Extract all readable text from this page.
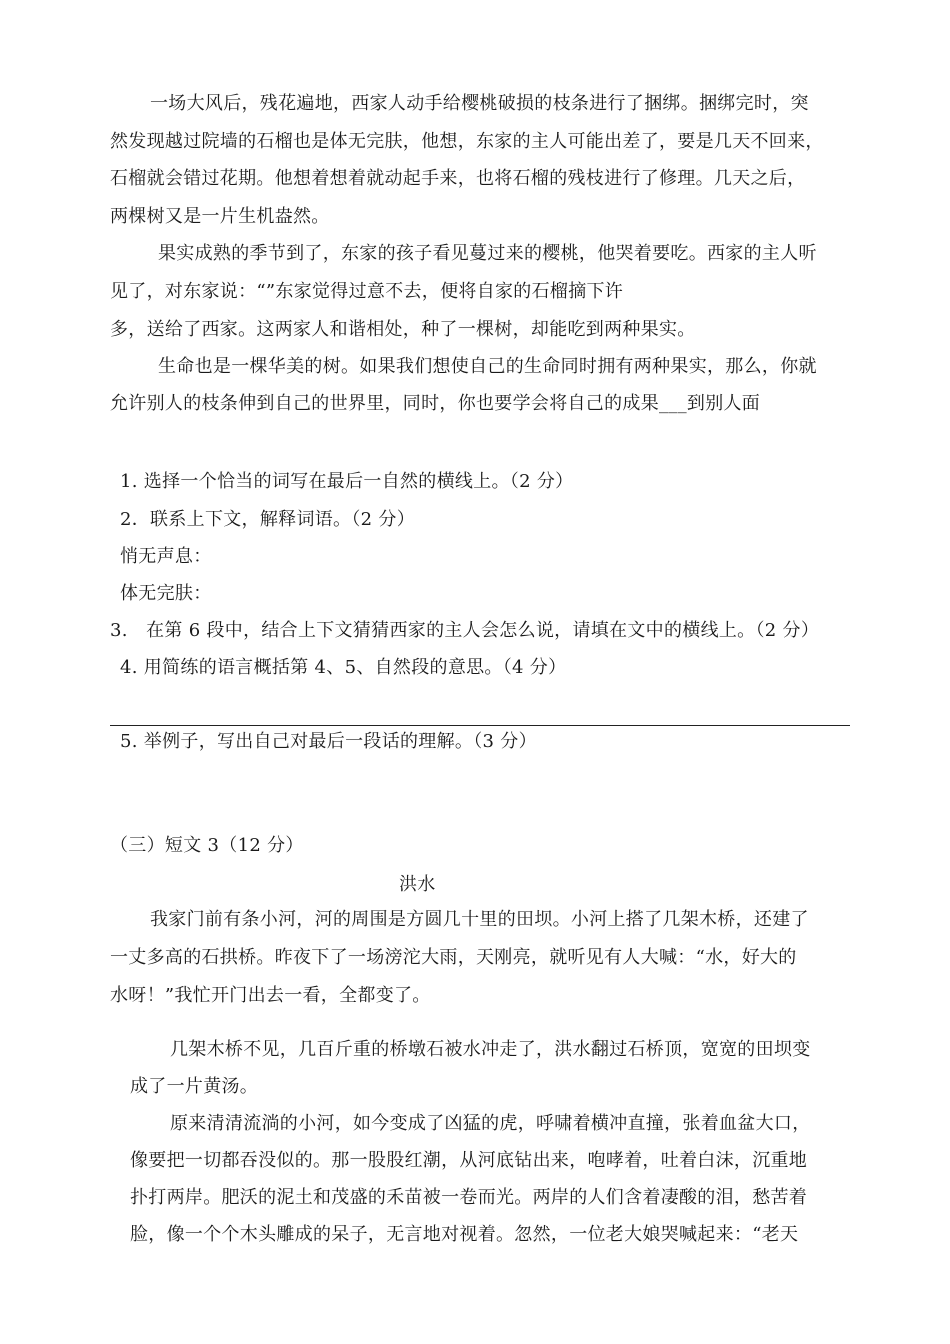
一场大风后，残花遍地，西家人动手给樱桃破损的枝条进行了捆绑。捆绑完时，突
然发现越过院墙的石榴也是体无完肤，他想，东家的主人可能出差了，要是几天不回来，
石榴就会错过花期。他想着想着就动起手来，也将石榴的残枝进行了修理。几天之后，
两棵树又是一片生机盎然。
果实成熟的季节到了，东家的孩子看见蔓过来的樱桃，他哭着要吃。西家的主人听
见了，对东家说：“”东家觉得过意不去，便将自家的石榴摘下许
多，送给了西家。这两家人和谐相处，种了一棵树，却能吃到两种果实。
生命也是一棵华美的树。如果我们想使自己的生命同时拥有两种果实，那么，你就
允许别人的枝条伸到自己的世界里，同时，你也要学会将自己的成果___到别人面
1. 选择一个恰当的词写在最后一自然的横线上。（2 分）
2．联系上下文，解释词语。（2 分）
悄无声息：
体无完肤：
3.　在第 6 段中，结合上下文猜猜西家的主人会怎么说，请填在文中的横线上。（2 分）
4. 用简练的语言概括第 4、5、自然段的意思。（4 分）
5. 举例子，写出自己对最后一段话的理解。（3 分）
（三）短文 3（12 分）
洪水
我家门前有条小河，河的周围是方圆几十里的田坝。小河上搭了几架木桥，还建了
一丈多高的石拱桥。昨夜下了一场滂沱大雨，天刚亮，就听见有人大喊：“水，好大的
水呀！”我忙开门出去一看，全都变了。
几架木桥不见，几百斤重的桥墩石被水冲走了，洪水翻过石桥顶，宽宽的田坝变
成了一片黄汤。
原来清清流淌的小河，如今变成了凶猛的虎，呼啸着横冲直撞，张着血盆大口，
像要把一切都吞没似的。那一股股红潮，从河底钻出来，咆哮着，吐着白沫，沉重地
扑打两岸。肥沃的泥土和茂盛的禾苗被一卷而光。两岸的人们含着凄酸的泪，愁苦着
脸，像一个个木头雕成的呆子，无言地对视着。忽然，一位老大娘哭喊起来：“老天
